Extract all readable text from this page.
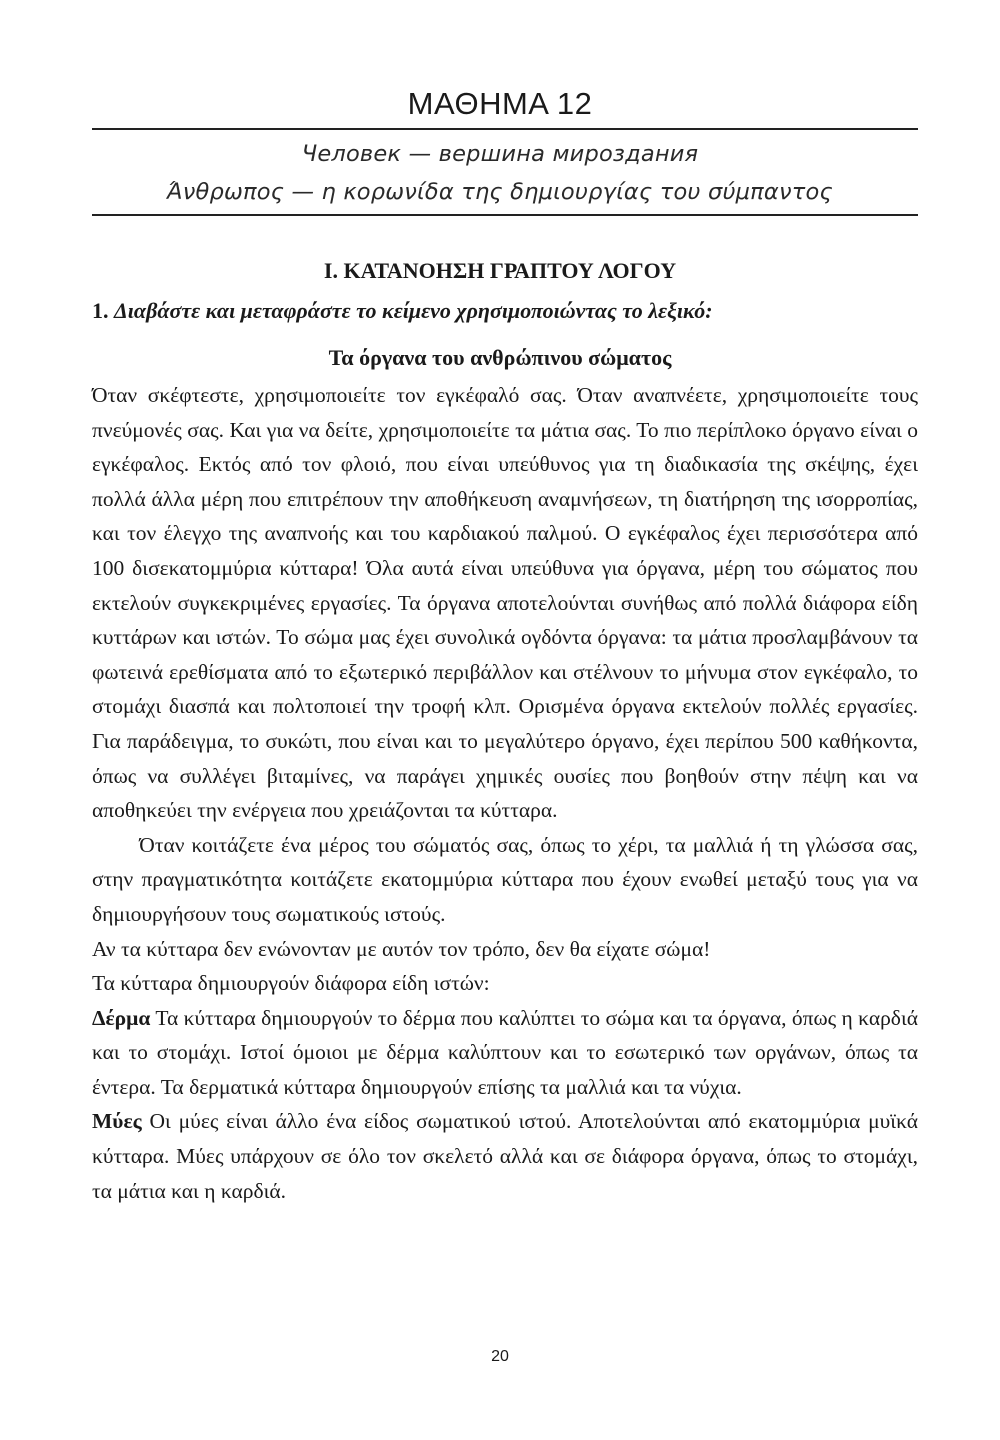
ΜΑΘΗΜΑ 12
Человек — вершина мироздания
Άνθρωπος — η κορωνίδα της δημιουργίας του σύμπαντος
I. ΚΑΤΑΝΟΗΣΗ ΓΡΑΠΤΟΥ ΛΟΓΟΥ
1. Διαβάστε και μεταφράστε το κείμενο χρησιμοποιώντας το λεξικό:
Τα όργανα του ανθρώπινου σώματος

Όταν σκέφτεστε, χρησιμοποιείτε τον εγκέφαλό σας. Όταν αναπνέετε, χρησιμοποιείτε τους πνεύμονές σας. Και για να δείτε, χρησιμοποιείτε τα μάτια σας. Το πιο περίπλοκο όργανο είναι ο εγκέφαλος. Εκτός από τον φλοιό, που είναι υπεύθυνος για τη διαδικασία της σκέψης, έχει πολλά άλλα μέρη που επιτρέπουν την αποθήκευση αναμνήσεων, τη διατήρηση της ισορροπίας, και τον έλεγχο της αναπνοής και του καρδιακού παλμού. Ο εγκέφαλος έχει περισσότερα από 100 δισεκατομμύρια κύτταρα! Όλα αυτά είναι υπεύθυνα για όργανα, μέρη του σώματος που εκτελούν συγκεκριμένες εργασίες. Τα όργανα αποτελούνται συνήθως από πολλά διάφορα είδη κυττάρων και ιστών. Το σώμα μας έχει συνολικά ογδόντα όργανα: τα μάτια προσλαμβάνουν τα φωτεινά ερεθίσματα από το εξωτερικό περιβάλλον και στέλνουν το μήνυμα στον εγκέφαλο, το στομάχι διασπά και πολτοποιεί την τροφή κλπ. Ορισμένα όργανα εκτελούν πολλές εργασίες. Για παράδειγμα, το συκώτι, που είναι και το μεγαλύτερο όργανο, έχει περίπου 500 καθήκοντα, όπως να συλλέγει βιταμίνες, να παράγει χημικές ουσίες που βοηθούν στην πέψη και να αποθηκεύει την ενέργεια που χρειάζονται τα κύτταρα.

Όταν κοιτάζετε ένα μέρος του σώματός σας, όπως το χέρι, τα μαλλιά ή τη γλώσσα σας, στην πραγματικότητα κοιτάζετε εκατομμύρια κύτταρα που έχουν ενωθεί μεταξύ τους για να δημιουργήσουν τους σωματικούς ιστούς.

Αν τα κύτταρα δεν ενώνονταν με αυτόν τον τρόπο, δεν θα είχατε σώμα!

Τα κύτταρα δημιουργούν διάφορα είδη ιστών:

Δέρμα Τα κύτταρα δημιουργούν το δέρμα που καλύπτει το σώμα και τα όργανα, όπως η καρδιά και το στομάχι. Ιστοί όμοιοι με δέρμα καλύπτουν και το εσωτερικό των οργάνων, όπως τα έντερα. Τα δερματικά κύτταρα δημιουργούν επίσης τα μαλλιά και τα νύχια.

Μύες Οι μύες είναι άλλο ένα είδος σωματικού ιστού. Αποτελούνται από εκατομμύρια μυϊκά κύτταρα. Μύες υπάρχουν σε όλο τον σκελετό αλλά και σε διάφορα όργανα, όπως το στομάχι, τα μάτια και η καρδιά.

20
